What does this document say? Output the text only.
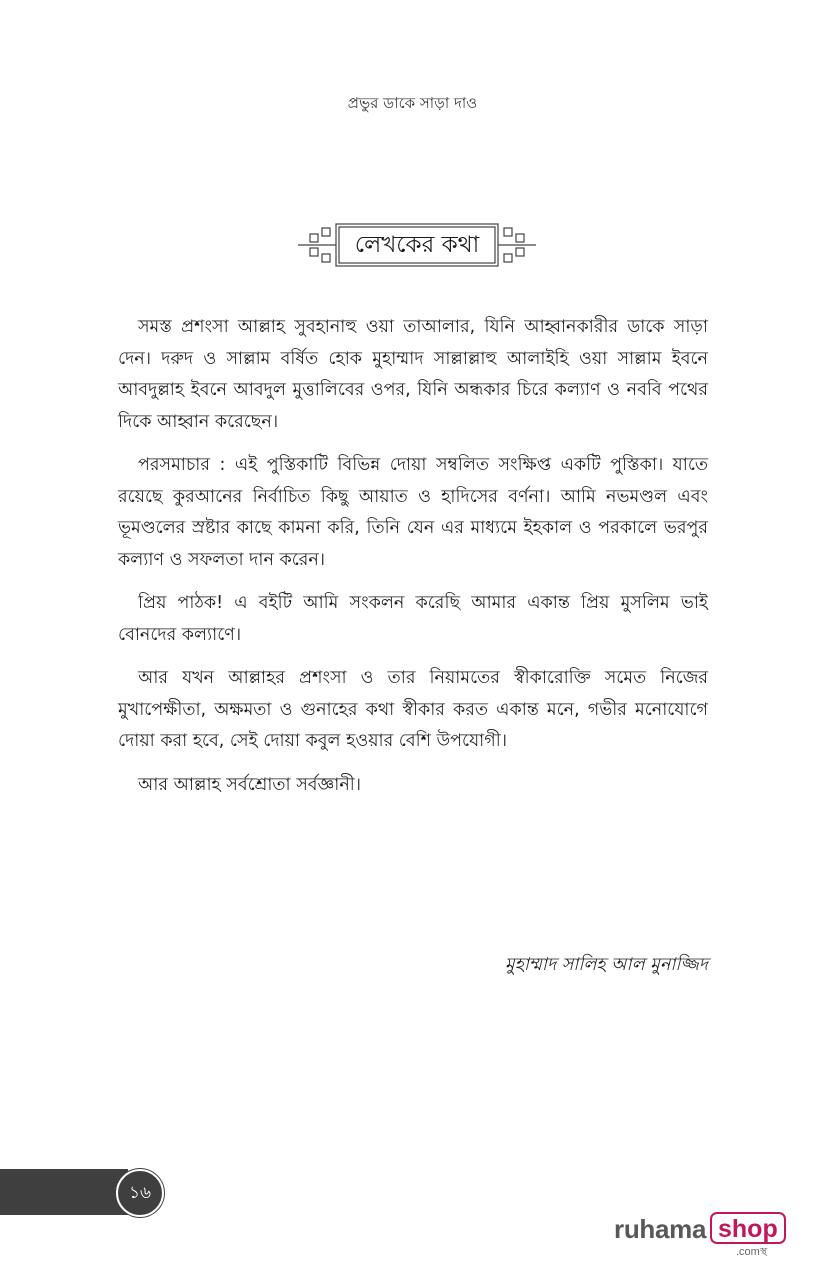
প্রভুর ডাকে সাড়া দাও
লেখকের কথা

সমস্ত প্রশংসা আল্লাহ সুবহানাহু ওয়া তাআলার, যিনি আহ্বানকারীর ডাকে সাড়া দেন। দরুদ ও সাল্লাম বর্ষিত হোক মুহাম্মাদ সাল্লাল্লাহু আলাইহি ওয়া সাল্লাম ইবনে আবদুল্লাহ ইবনে আবদুল মুত্তালিবের ওপর, যিনি অন্ধকার চিরে কল্যাণ ও নববি পথের দিকে আহ্বান করেছেন।

পরসমাচার : এই পুস্তিকাটি বিভিন্ন দোয়া সম্বলিত সংক্ষিপ্ত একটি পুস্তিকা। যাতে রয়েছে কুরআনের নির্বাচিত কিছু আয়াত ও হাদিসের বর্ণনা। আমি নভমণ্ডল এবং ভূমণ্ডলের স্রষ্টার কাছে কামনা করি, তিনি যেন এর মাধ্যমে ইহকাল ও পরকালে ভরপুর কল্যাণ ও সফলতা দান করেন।

প্রিয় পাঠক! এ বইটি আমি সংকলন করেছি আমার একান্ত প্রিয় মুসলিম ভাই বোনদের কল্যাণে।

আর যখন আল্লাহর প্রশংসা ও তার নিয়ামতের স্বীকারোক্তি সমেত নিজের মুখাপেক্ষীতা, অক্ষমতা ও গুনাহের কথা স্বীকার করত একান্ত মনে, গভীর মনোযোগে দোয়া করা হবে, সেই দোয়া কবুল হওয়ার বেশি উপযোগী।

আর আল্লাহ সর্বশ্রোতা সর্বজ্ঞানী।

মুহাম্মাদ সালিহ আল মুনাজ্জিদ
১৬
ruhama shop
.comস্থ
